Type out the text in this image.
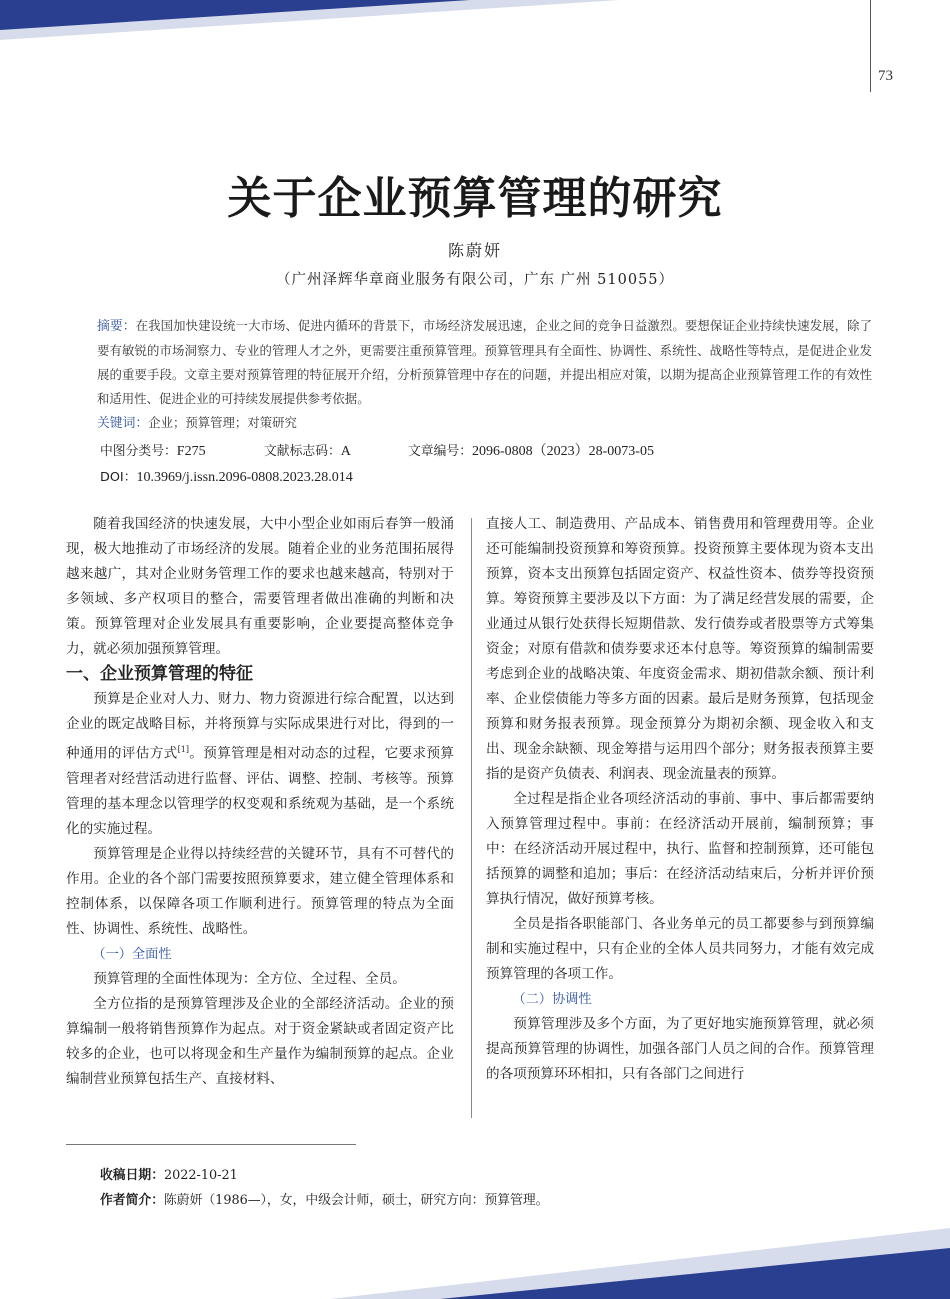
73
关于企业预算管理的研究
陈蔚妍
（广州泽辉华章商业服务有限公司，广东 广州 510055）
摘要：在我国加快建设统一大市场、促进内循环的背景下，市场经济发展迅速，企业之间的竞争日益激烈。要想保证企业持续快速发展，除了要有敏锐的市场洞察力、专业的管理人才之外，更需要注重预算管理。预算管理具有全面性、协调性、系统性、战略性等特点，是促进企业发展的重要手段。文章主要对预算管理的特征展开介绍，分析预算管理中存在的问题，并提出相应对策，以期为提高企业预算管理工作的有效性和适用性、促进企业的可持续发展提供参考依据。
关键词：企业；预算管理；对策研究
中图分类号：F275	文献标志码：A	文章编号：2096-0808（2023）28-0073-05
DOI：10.3969/j.issn.2096-0808.2023.28.014

随着我国经济的快速发展，大中小型企业如雨后春笋一般涌现，极大地推动了市场经济的发展。随着企业的业务范围拓展得越来越广，其对企业财务管理工作的要求也越来越高，特别对于多领域、多产权项目的整合，需要管理者做出准确的判断和决策。预算管理对企业发展具有重要影响，企业要提高整体竞争力，就必须加强预算管理。

一、企业预算管理的特征

预算是企业对人力、财力、物力资源进行综合配置，以达到企业的既定战略目标，并将预算与实际成果进行对比，得到的一种通用的评估方式[1]。预算管理是相对动态的过程，它要求预算管理者对经营活动进行监督、评估、调整、控制、考核等。预算管理的基本理念以管理学的权变观和系统观为基础，是一个系统化的实施过程。

预算管理是企业得以持续经营的关键环节，具有不可替代的作用。企业的各个部门需要按照预算要求，建立健全管理体系和控制体系，以保障各项工作顺利进行。预算管理的特点为全面性、协调性、系统性、战略性。

（一）全面性

预算管理的全面性体现为：全方位、全过程、全员。

全方位指的是预算管理涉及企业的全部经济活动。企业的预算编制一般将销售预算作为起点。对于资金紧缺或者固定资产比较多的企业，也可以将现金和生产量作为编制预算的起点。企业编制营业预算包括生产、直接材料、

直接人工、制造费用、产品成本、销售费用和管理费用等。企业还可能编制投资预算和筹资预算。投资预算主要体现为资本支出预算，资本支出预算包括固定资产、权益性资本、债券等投资预算。筹资预算主要涉及以下方面：为了满足经营发展的需要，企业通过从银行处获得长短期借款、发行债券或者股票等方式筹集资金；对原有借款和债券要求还本付息等。筹资预算的编制需要考虑到企业的战略决策、年度资金需求、期初借款余额、预计利率、企业偿债能力等多方面的因素。最后是财务预算，包括现金预算和财务报表预算。现金预算分为期初余额、现金收入和支出、现金余缺额、现金筹措与运用四个部分；财务报表预算主要指的是资产负债表、利润表、现金流量表的预算。

全过程是指企业各项经济活动的事前、事中、事后都需要纳入预算管理过程中。事前：在经济活动开展前，编制预算；事中：在经济活动开展过程中，执行、监督和控制预算，还可能包括预算的调整和追加；事后：在经济活动结束后，分析并评价预算执行情况，做好预算考核。

全员是指各职能部门、各业务单元的员工都要参与到预算编制和实施过程中，只有企业的全体人员共同努力，才能有效完成预算管理的各项工作。

（二）协调性

预算管理涉及多个方面，为了更好地实施预算管理，就必须提高预算管理的协调性，加强各部门人员之间的合作。预算管理的各项预算环环相扣，只有各部门之间进行

收稿日期：2022-10-21
作者简介：陈蔚妍（1986—），女，中级会计师，硕士，研究方向：预算管理。
